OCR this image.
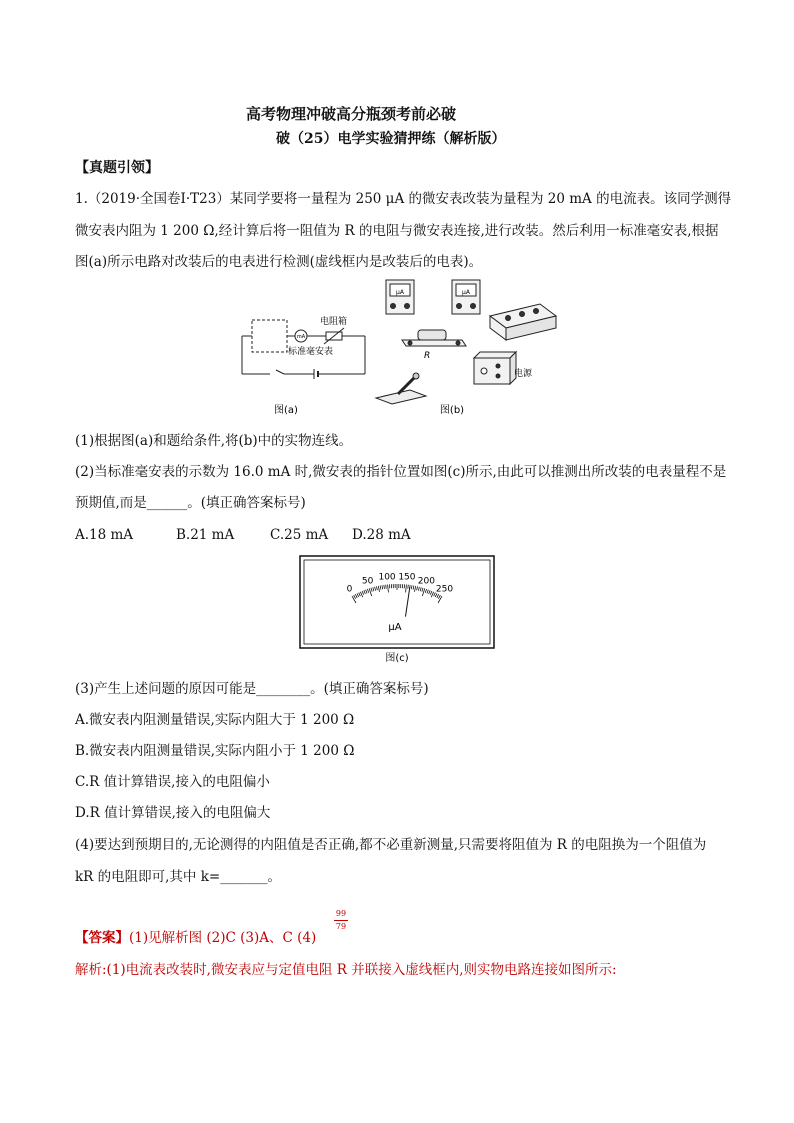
高考物理冲破高分瓶颈考前必破
破（25）电学实验猜押练（解析版）
【真题引领】
1.（2019·全国卷Ⅰ·T23）某同学要将一量程为 250 μA 的微安表改装为量程为 20 mA 的电流表。该同学测得
微安表内阻为 1 200 Ω,经计算后将一阻值为 R 的电阻与微安表连接,进行改装。然后利用一标准毫安表,根据
图(a)所示电路对改装后的电表进行检测(虚线框内是改装后的电表)。
mA
电阻箱
标准毫安表
图(a)
μA	μA
R
电源
图(b)
(1)根据图(a)和题给条件,将(b)中的实物连线。
(2)当标准毫安表的示数为 16.0 mA 时,微安表的指针位置如图(c)所示,由此可以推测出所改装的电表量程不是
预期值,而是______。(填正确答案标号)
A.18 mA	B.21 mA	C.25 mA D.28 mA
0
50 100 150 200
250
μA
图(c)
(3)产生上述问题的原因可能是________。(填正确答案标号)
A.微安表内阻测量错误,实际内阻大于 1 200 Ω
B.微安表内阻测量错误,实际内阻小于 1 200 Ω
C.R 值计算错误,接入的电阻偏小
D.R 值计算错误,接入的电阻偏大
(4)要达到预期目的,无论测得的内阻值是否正确,都不必重新测量,只需要将阻值为 R 的电阻换为一个阻值为
kR 的电阻即可,其中 k=_______。
【答案】(1)见解析图 (2)C (3)A、C (4)
99
79
解析:(1)电流表改装时,微安表应与定值电阻 R 并联接入虚线框内,则实物电路连接如图所示:
